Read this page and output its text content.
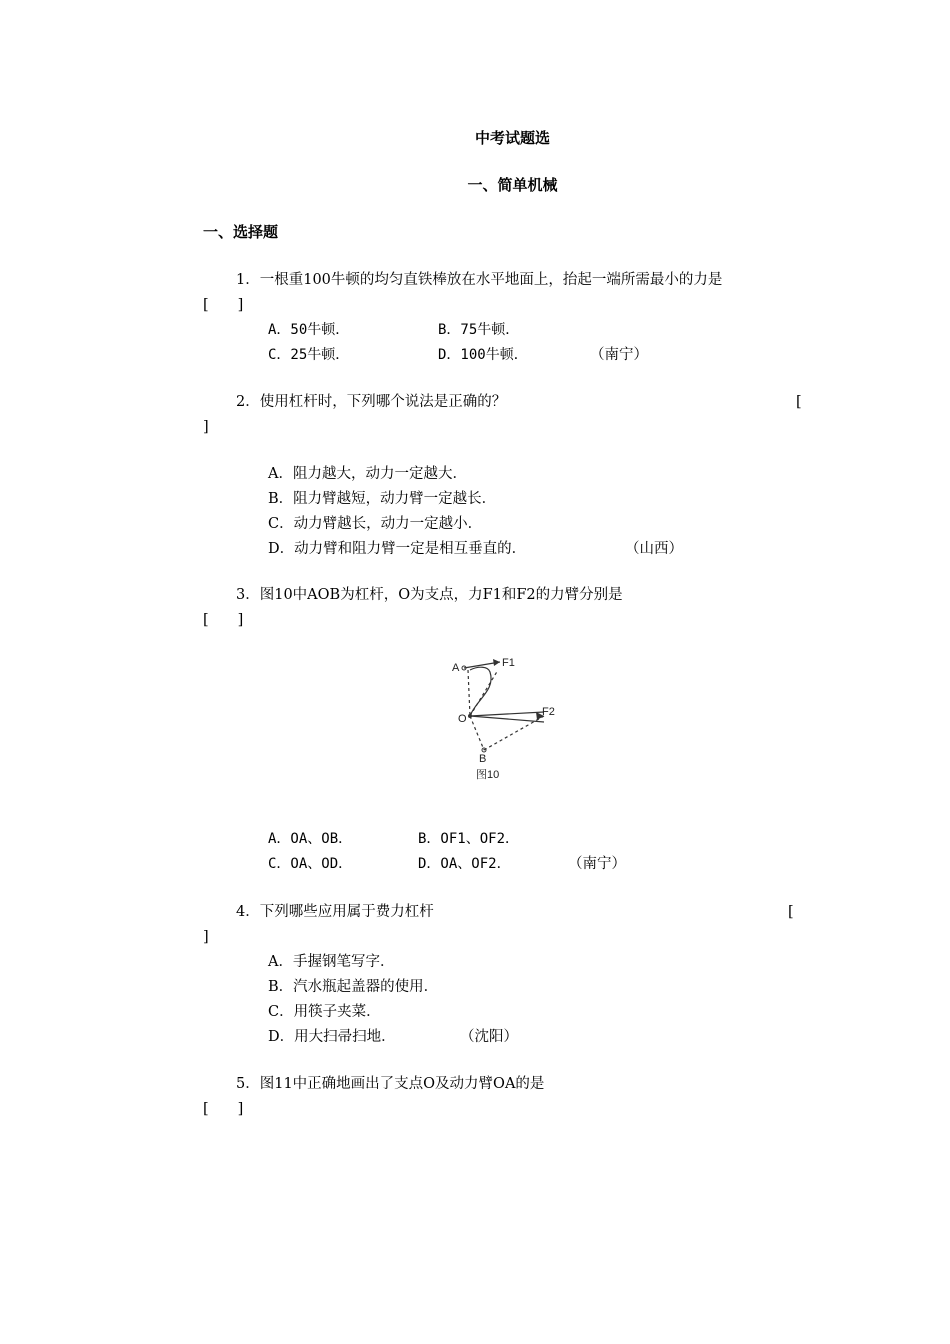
中考试题选
一、简单机械
一、选择题
1．一根重100牛顿的均匀直铁棒放在水平地面上，抬起一端所需最小的力是
[　　]
A．50牛顿．	B．75牛顿．
C．25牛顿．	D．100牛顿．	（南宁）
2．使用杠杆时，下列哪个说法是正确的？	[
]
A．阻力越大，动力一定越大．
B．阻力臂越短，动力臂一定越长．
C．动力臂越长，动力一定越小．
D．动力臂和阻力臂一定是相互垂直的．	（山西）
3．图10中AOB为杠杆，O为支点，力F1和F2的力臂分别是
[　　]
A	F1
O
F2
B
图10
A．OA、OB．	B．OF1、OF2．
C．OA、OD．	D．OA、OF2．	（南宁）
4．下列哪些应用属于费力杠杆	[
]
A．手握钢笔写字．
B．汽水瓶起盖器的使用．
C．用筷子夹菜．
D．用大扫帚扫地．	（沈阳）
5．图11中正确地画出了支点O及动力臂OA的是
[　　]
